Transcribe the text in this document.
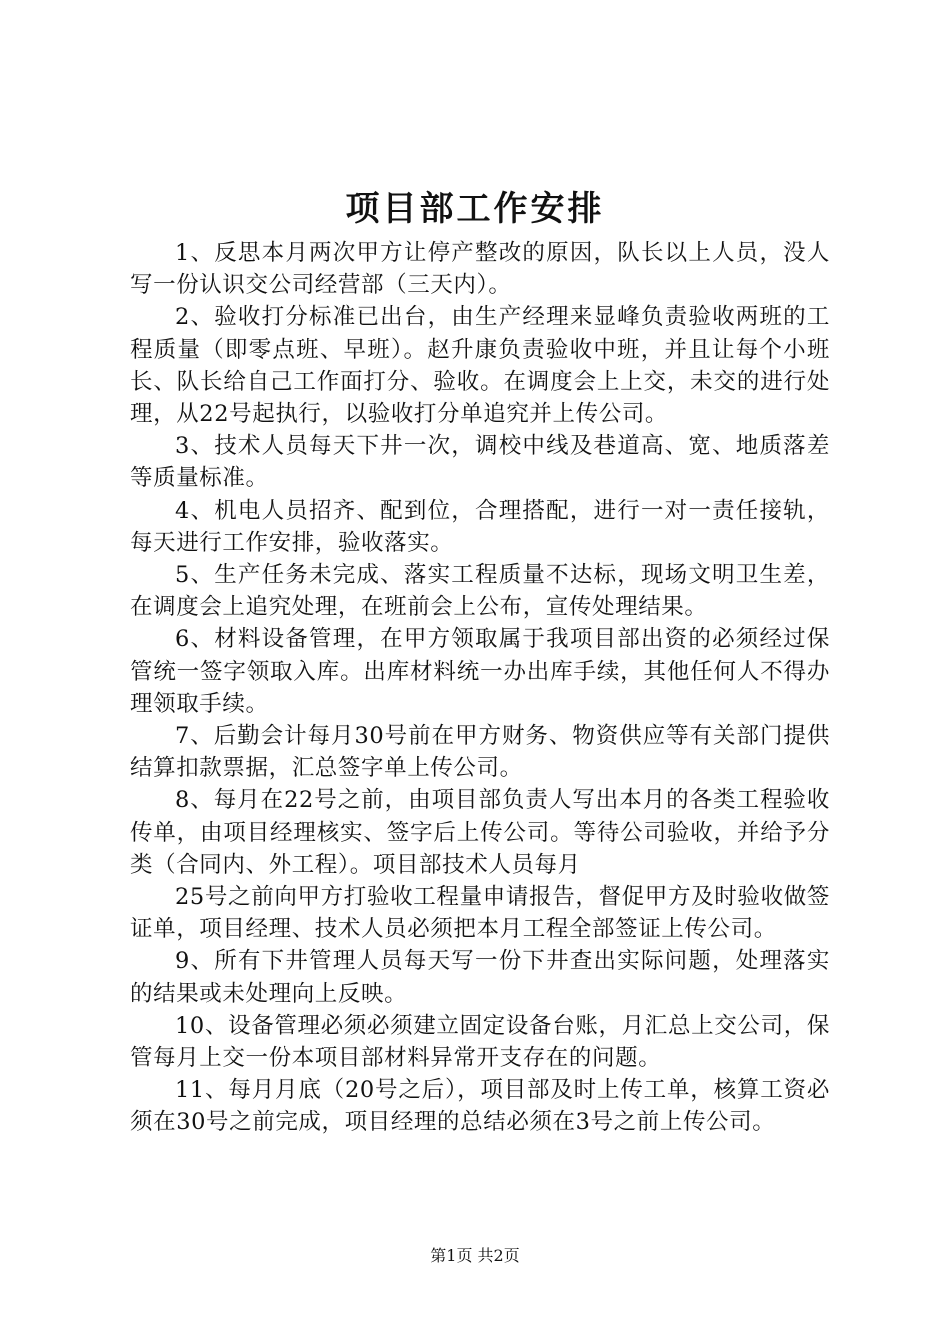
项目部工作安排

1、反思本月两次甲方让停产整改的原因，队长以上人员，没人写一份认识交公司经营部（三天内）。

2、验收打分标准已出台，由生产经理来显峰负责验收两班的工程质量（即零点班、早班）。赵升康负责验收中班，并且让每个小班长、队长给自己工作面打分、验收。在调度会上上交，未交的进行处理，从22号起执行，以验收打分单追究并上传公司。

3、技术人员每天下井一次，调校中线及巷道高、宽、地质落差等质量标准。

4、机电人员招齐、配到位，合理搭配，进行一对一责任接轨，每天进行工作安排，验收落实。

5、生产任务未完成、落实工程质量不达标，现场文明卫生差，在调度会上追究处理，在班前会上公布，宣传处理结果。

6、材料设备管理，在甲方领取属于我项目部出资的必须经过保管统一签字领取入库。出库材料统一办出库手续，其他任何人不得办理领取手续。

7、后勤会计每月30号前在甲方财务、物资供应等有关部门提供结算扣款票据，汇总签字单上传公司。

8、每月在22号之前，由项目部负责人写出本月的各类工程验收传单，由项目经理核实、签字后上传公司。等待公司验收，并给予分类（合同内、外工程）。项目部技术人员每月

25号之前向甲方打验收工程量申请报告，督促甲方及时验收做签证单，项目经理、技术人员必须把本月工程全部签证上传公司。

9、所有下井管理人员每天写一份下井查出实际问题，处理落实的结果或未处理向上反映。

10、设备管理必须必须建立固定设备台账，月汇总上交公司，保管每月上交一份本项目部材料异常开支存在的问题。

11、每月月底（20号之后），项目部及时上传工单，核算工资必须在30号之前完成，项目经理的总结必须在3号之前上传公司。

第1页 共2页
